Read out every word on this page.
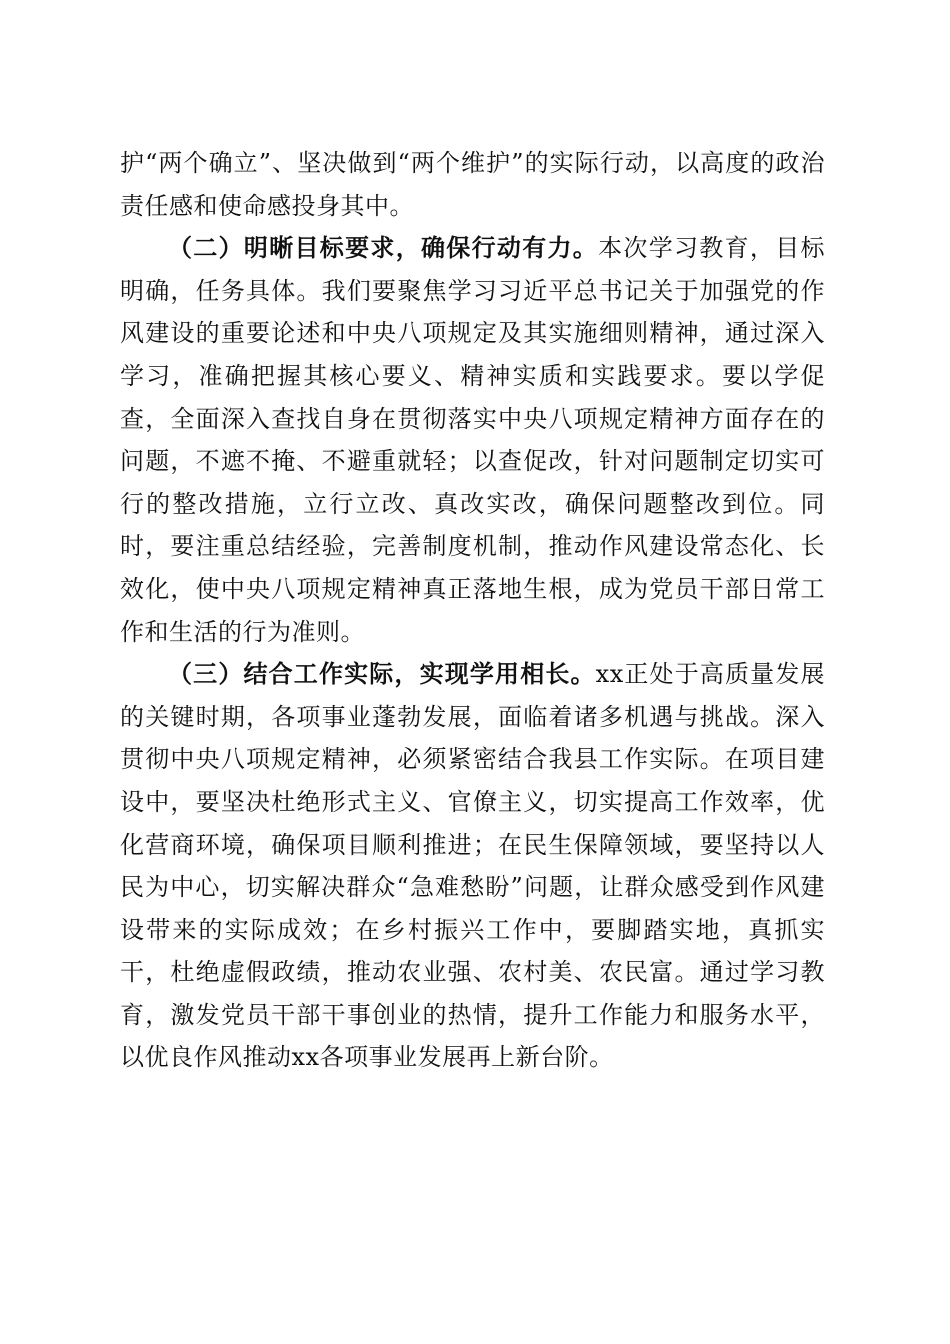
护“两个确立”、坚决做到“两个维护”的实际行动，以高度的政治责任感和使命感投身其中。

（二）明晰目标要求，确保行动有力。本次学习教育，目标明确，任务具体。我们要聚焦学习习近平总书记关于加强党的作风建设的重要论述和中央八项规定及其实施细则精神，通过深入学习，准确把握其核心要义、精神实质和实践要求。要以学促查，全面深入查找自身在贯彻落实中央八项规定精神方面存在的问题，不遮不掩、不避重就轻；以查促改，针对问题制定切实可行的整改措施，立行立改、真改实改，确保问题整改到位。同时，要注重总结经验，完善制度机制，推动作风建设常态化、长效化，使中央八项规定精神真正落地生根，成为党员干部日常工作和生活的行为准则。

（三）结合工作实际，实现学用相长。xx正处于高质量发展的关键时期，各项事业蓬勃发展，面临着诸多机遇与挑战。深入贯彻中央八项规定精神，必须紧密结合我县工作实际。在项目建设中，要坚决杜绝形式主义、官僚主义，切实提高工作效率，优化营商环境，确保项目顺利推进；在民生保障领域，要坚持以人民为中心，切实解决群众“急难愁盼”问题，让群众感受到作风建设带来的实际成效；在乡村振兴工作中，要脚踏实地，真抓实干，杜绝虚假政绩，推动农业强、农村美、农民富。通过学习教育，激发党员干部干事创业的热情，提升工作能力和服务水平，以优良作风推动xx各项事业发展再上新台阶。
